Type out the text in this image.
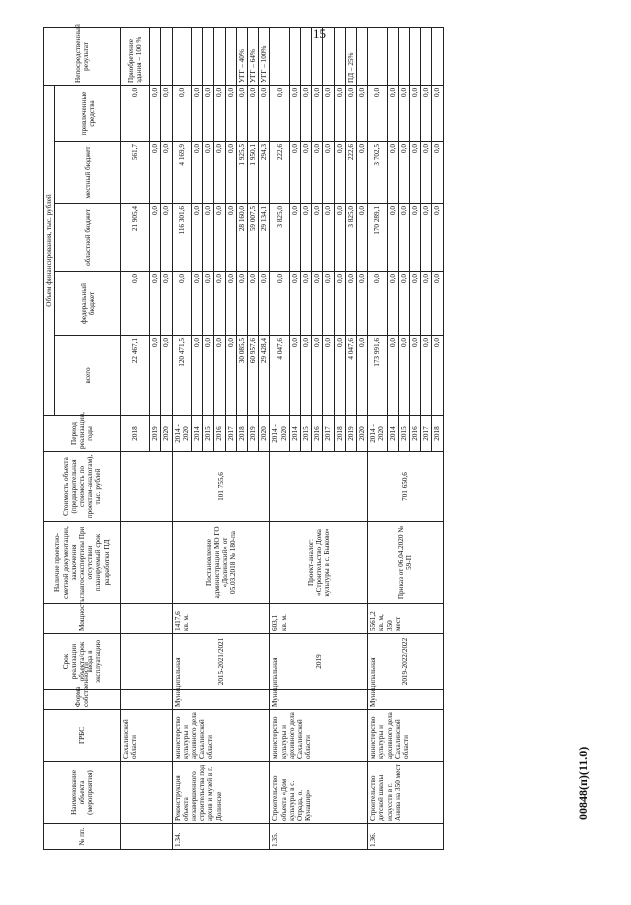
15
00848(п)(11.0)
№ пп.	Наименование объекта (мероприятия)	ГРБС	Форма собственности	Срок реализации объекта/срок ввода в эксплуатацию	Мощность	Наличие проектно-сметной документации, заключения главгосэкспертизы При отсутствии планируемый срок разработки ПД	Стоимость объекта (предварительная стоимость по проектам-аналогам), тыс. рублей	Период реализации, годы	Объем финансирования, тыс. рублей					Непосредственный результат
									всего	федеральный бюджет	областной бюджет	местный бюджет	привлеченные средства	
		Сахалинской области						2018	22 467,1	0,0	21 905,4	561,7	0,0	Приобретение здания – 100 %
								2019	0,0	0,0	0,0	0,0	0,0	
								2020	0,0	0,0	0,0	0,0	0,0	
1.34.	Реконструкция объекта незавершенного строительства под архив и музей в г. Долинске	министерство культуры и архивного дела Сахалинской области	Муниципальная	2015-2021/2021	1417,6 кв. м.	Постановление администрации МО ГО «Долинский» от 05.03.2018 № 180-па	101 755,6	2014 - 2020	120 471,5	0,0	116 301,6	4 169,9	0,0	
								2014	0,0	0,0	0,0	0,0	0,0	
								2015	0,0	0,0	0,0	0,0	0,0	
								2016	0,0	0,0	0,0	0,0	0,0	
								2017	0,0	0,0	0,0	0,0	0,0	
								2018	30 085,5	0,0	28 160,0	1 925,5	0,0	УГГ – 40%
								2019	60 957,6	0,0	59 007,5	1 950,1	0,0	УГГ – 64%
								2020	29 428,4	0,0	29 134,1	294,3	0,0	УГГ – 100%
1.35.	Строительство объекта «Дом культуры в с. Отрада, о. Кунашир»	министерство культуры и архивного дела Сахалинской области	Муниципальная	2019	603,1 кв. м.	Проект-аналог: «Строительство Дома культуры в с. Быково»		2014 - 2020	4 047,6	0,0	3 825,0	222,6	0,0	
								2014	0,0	0,0	0,0	0,0	0,0	
								2015	0,0	0,0	0,0	0,0	0,0	
								2016	0,0	0,0	0,0	0,0	0,0	
								2017	0,0	0,0	0,0	0,0	0,0	
								2018	0,0	0,0	0,0	0,0	0,0	
								2019	4 047,6	0,0	3 825,0	222,6	0,0	ПД – 25%
								2020	0,0	0,0	0,0	0,0	0,0	
1.36.	Строительство детской школы искусств в г. Анива на 350 мест	министерство культуры и архивного дела Сахалинской области	Муниципальная	2019-2022/2022	5561,2 кв. м, 350 мест	Приказ от 06.04.2020 № 59-П	701 650,6	2014 - 2020	173 991,6	0,0	170 289,1	3 702,5	0,0	
								2014	0,0	0,0	0,0	0,0	0,0	
								2015	0,0	0,0	0,0	0,0	0,0	
								2016	0,0	0,0	0,0	0,0	0,0	
								2017	0,0	0,0	0,0	0,0	0,0	
								2018	0,0	0,0	0,0	0,0	0,0	
